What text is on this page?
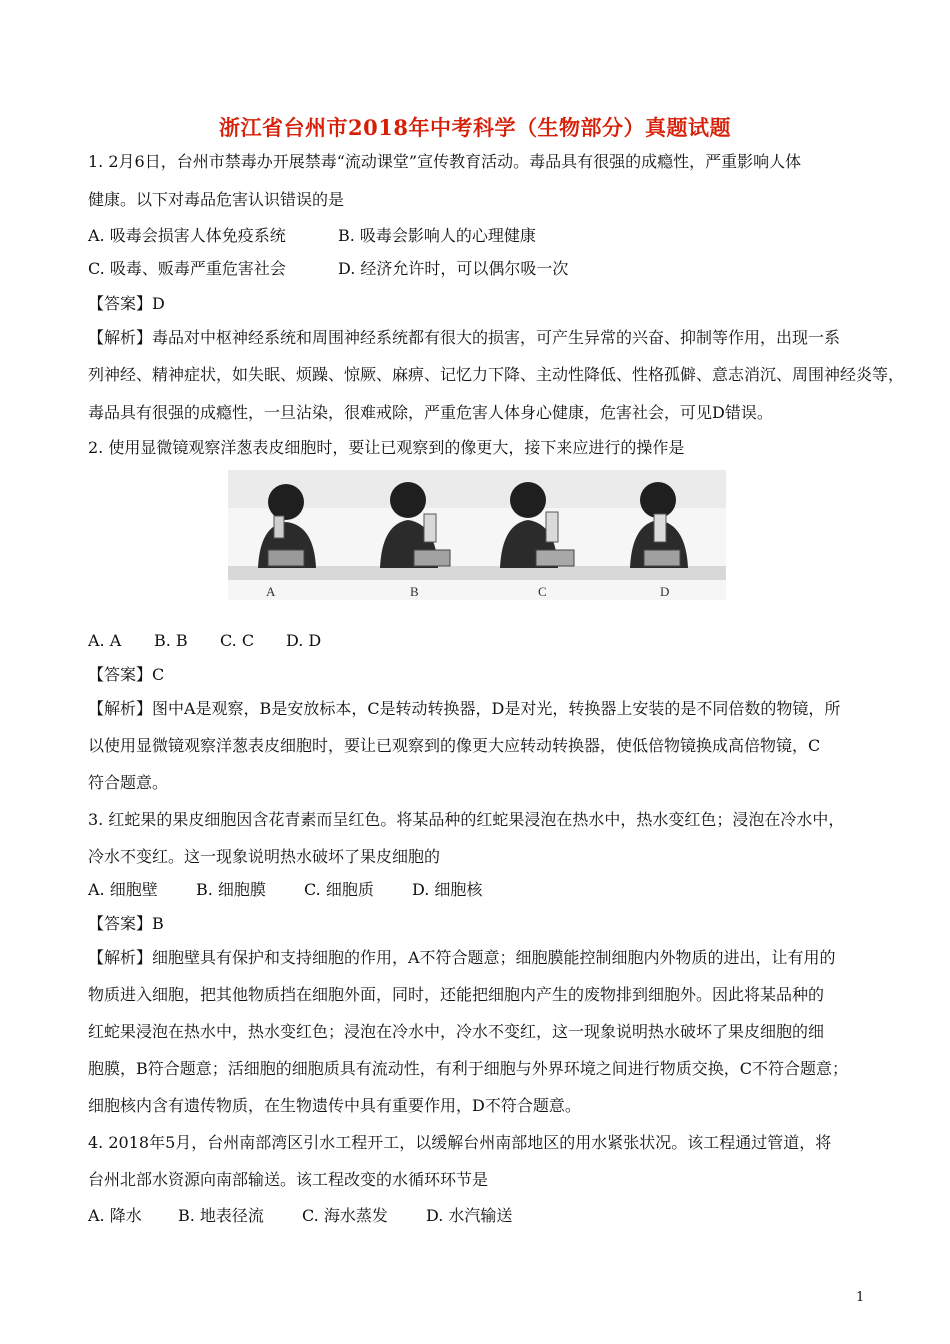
浙江省台州市2018年中考科学（生物部分）真题试题
1. 2月6日，台州市禁毒办开展禁毒“流动课堂”宣传教育活动。毒品具有很强的成瘾性，严重影响人体
健康。以下对毒品危害认识错误的是
A. 吸毒会损害人体免疫系统	B. 吸毒会影响人的心理健康
C. 吸毒、贩毒严重危害社会	D. 经济允许时，可以偶尔吸一次
【答案】D
【解析】毒品对中枢神经系统和周围神经系统都有很大的损害，可产生异常的兴奋、抑制等作用，出现一系
列神经、精神症状，如失眠、烦躁、惊厥、麻痹、记忆力下降、主动性降低、性格孤僻、意志消沉、周围神经炎等，
毒品具有很强的成瘾性，一旦沾染，很难戒除，严重危害人体身心健康，危害社会，可见D错误。
2. 使用显微镜观察洋葱表皮细胞时，要让已观察到的像更大，接下来应进行的操作是
A	B	C	D
A. A B. B C. C D. D
【答案】C
【解析】图中A是观察，B是安放标本，C是转动转换器，D是对光，转换器上安装的是不同倍数的物镜，所
以使用显微镜观察洋葱表皮细胞时，要让已观察到的像更大应转动转换器，使低倍物镜换成高倍物镜，C
符合题意。
3. 红蛇果的果皮细胞因含花青素而呈红色。将某品种的红蛇果浸泡在热水中，热水变红色；浸泡在冷水中，
冷水不变红。这一现象说明热水破坏了果皮细胞的
A. 细胞壁 B. 细胞膜 C. 细胞质 D. 细胞核
【答案】B
【解析】细胞壁具有保护和支持细胞的作用，A不符合题意；细胞膜能控制细胞内外物质的进出，让有用的
物质进入细胞，把其他物质挡在细胞外面，同时，还能把细胞内产生的废物排到细胞外。因此将某品种的
红蛇果浸泡在热水中，热水变红色；浸泡在冷水中，冷水不变红，这一现象说明热水破坏了果皮细胞的细
胞膜，B符合题意；活细胞的细胞质具有流动性，有利于细胞与外界环境之间进行物质交换，C不符合题意；
细胞核内含有遗传物质，在生物遗传中具有重要作用，D不符合题意。
4. 2018年5月，台州南部湾区引水工程开工，以缓解台州南部地区的用水紧张状况。该工程通过管道，将
台州北部水资源向南部输送。该工程改变的水循环环节是
A. 降水 B. 地表径流 C. 海水蒸发 D. 水汽输送
1
